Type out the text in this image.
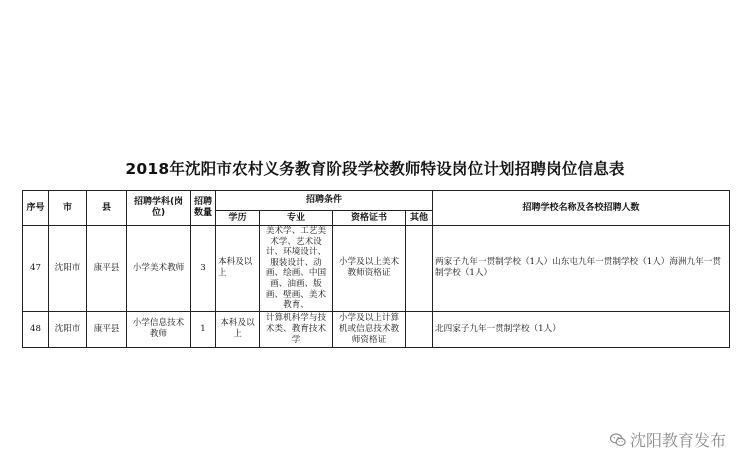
2018年沈阳市农村义务教育阶段学校教师特设岗位计划招聘岗位信息表
序号	市	县	招聘学科(岗位)	招聘数量	招聘条件				招聘学校名称及各校招聘人数
					学历	专业	资格证书	其他	
47	沈阳市	康平县	小学美术教师	3	本科及以上	美术学、工艺美术学、艺术设计、环境设计、服装设计、动画、绘画、中国画、油画、版画、壁画、美术教育、	小学及以上美术教师资格证		两家子九年一贯制学校（1人）山东屯九年一贯制学校（1人）海洲九年一贯制学校（1人）
48	沈阳市	康平县	小学信息技术教师	1	本科及以上	计算机科学与技术类、教育技术学	小学及以上计算机或信息技术教师资格证		北四家子九年一贯制学校（1人）
沈阳教育发布
